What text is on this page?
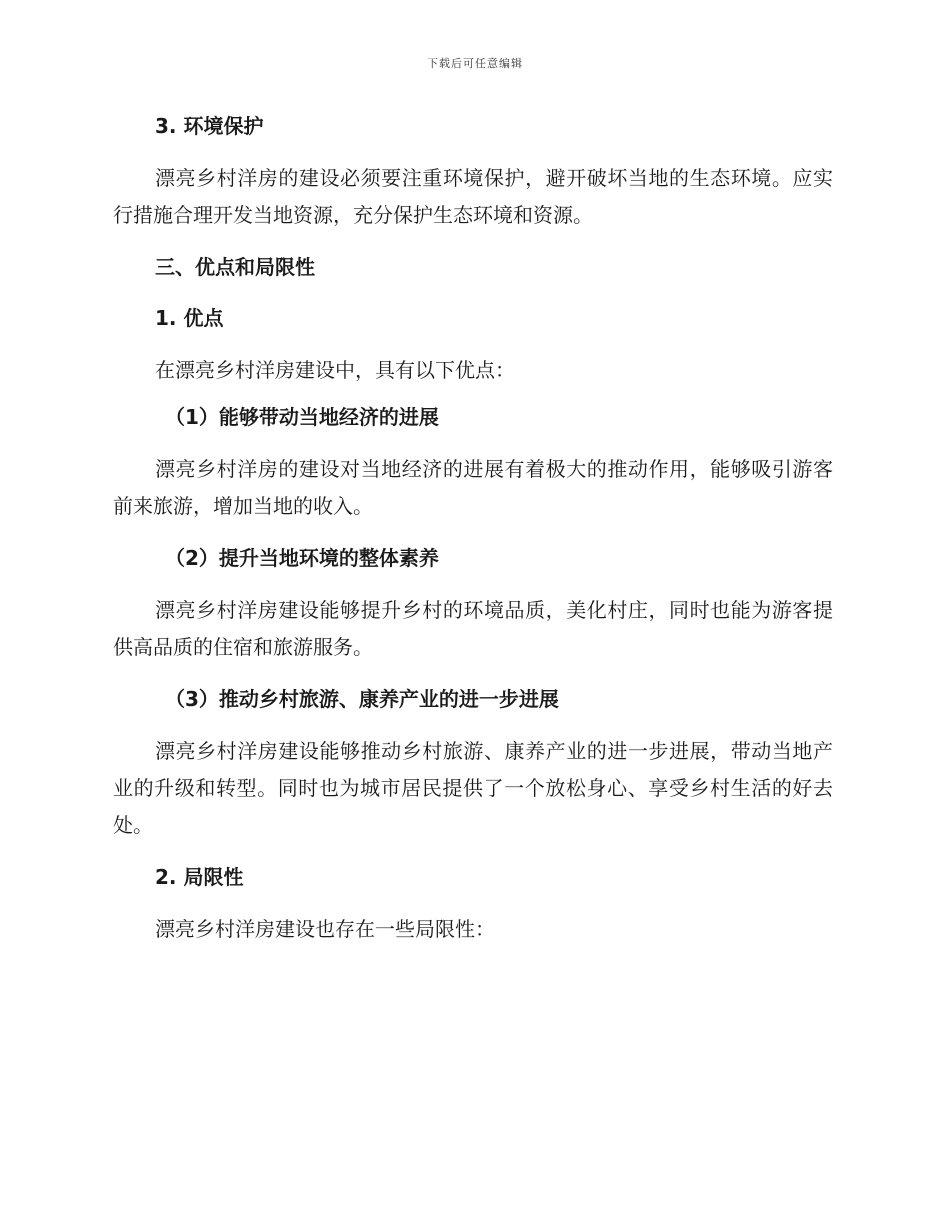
下载后可任意编辑
3. 环境保护

漂亮乡村洋房的建设必须要注重环境保护，避开破坏当地的生态环境。应实行措施合理开发当地资源，充分保护生态环境和资源。

三、优点和局限性
1. 优点

在漂亮乡村洋房建设中，具有以下优点：

（1）能够带动当地经济的进展

漂亮乡村洋房的建设对当地经济的进展有着极大的推动作用，能够吸引游客前来旅游，增加当地的收入。

（2）提升当地环境的整体素养

漂亮乡村洋房建设能够提升乡村的环境品质，美化村庄，同时也能为游客提供高品质的住宿和旅游服务。

（3）推动乡村旅游、康养产业的进一步进展

漂亮乡村洋房建设能够推动乡村旅游、康养产业的进一步进展，带动当地产业的升级和转型。同时也为城市居民提供了一个放松身心、享受乡村生活的好去处。

2. 局限性

漂亮乡村洋房建设也存在一些局限性：
